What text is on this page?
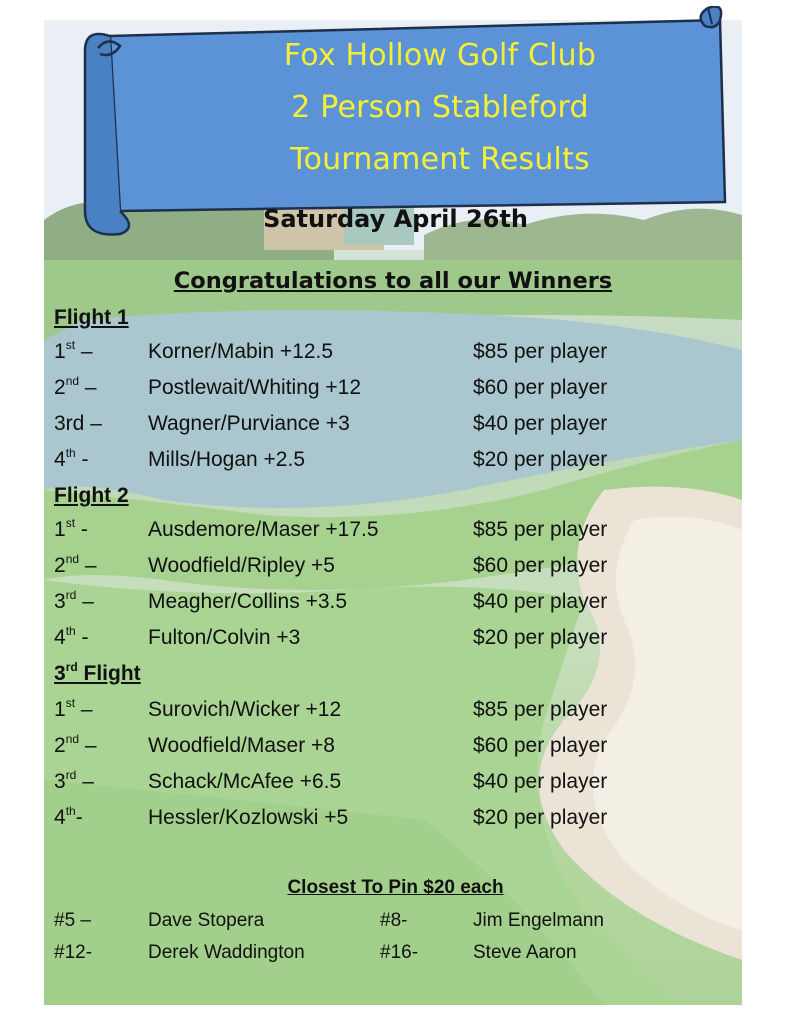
Fox Hollow Golf Club
2 Person Stableford
Tournament Results
Saturday April 26th
Congratulations to all our Winners
Flight 1
1st –	Korner/Mabin +12.5	$85 per player
2nd – Postlewait/Whiting +12	$60 per player
3rd – Wagner/Purviance +3	$40 per player
4th -	Mills/Hogan +2.5	$20 per player
Flight 2
1st -	Ausdemore/Maser +17.5	$85 per player
2nd – Woodfield/Ripley +5	$60 per player
3rd –	Meagher/Collins +3.5	$40 per player
4th -	Fulton/Colvin +3	$20 per player
3rd Flight
1st –	Surovich/Wicker +12	$85 per player
2nd – Woodfield/Maser +8	$60 per player
3rd –	Schack/McAfee +6.5	$40 per player
4th-	Hessler/Kozlowski +5	$20 per player
Closest To Pin $20 each
#5 –	Dave Stopera	#8-	Jim Engelmann
#12-	Derek Waddington	#16-	Steve Aaron
